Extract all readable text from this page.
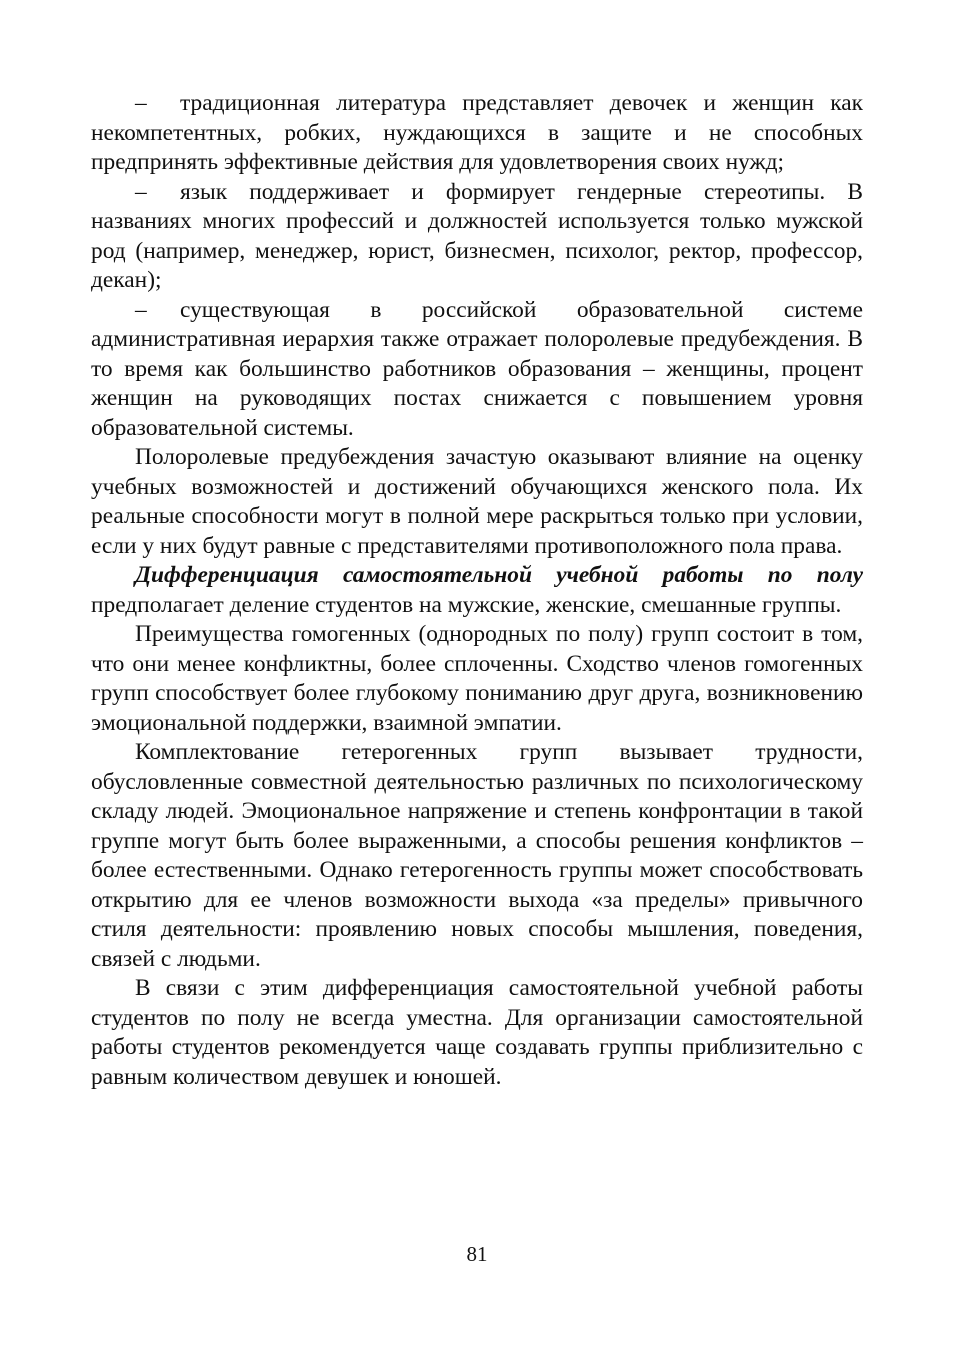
– традиционная литература представляет девочек и женщин как некомпетентных, робких, нуждающихся в защите и не способных предпринять эффективные действия для удовлетворения своих нужд;

– язык поддерживает и формирует гендерные стереотипы. В названиях многих профессий и должностей используется только мужской род (например, менеджер, юрист, бизнесмен, психолог, ректор, профессор, декан);

– существующая в российской образовательной системе административная иерархия также отражает полоролевые предубеждения. В то время как большинство работников образования – женщины, процент женщин на руководящих постах снижается с повышением уровня образовательной системы.

Полоролевые предубеждения зачастую оказывают влияние на оценку учебных возможностей и достижений обучающихся женского пола. Их реальные способности могут в полной мере раскрыться только при условии, если у них будут равные с представителями противоположного пола права.

Дифференциация самостоятельной учебной работы по полу предполагает деление студентов на мужские, женские, смешанные группы.

Преимущества гомогенных (однородных по полу) групп состоит в том, что они менее конфликтны, более сплоченны. Сходство членов гомогенных групп способствует более глубокому пониманию друг друга, возникновению эмоциональной поддержки, взаимной эмпатии.

Комплектование гетерогенных групп вызывает трудности, обусловленные совместной деятельностью различных по психологическому складу людей. Эмоциональное напряжение и степень конфронтации в такой группе могут быть более выраженными, а способы решения конфликтов – более естественными. Однако гетерогенность группы может способствовать открытию для ее членов возможности выхода «за пределы» привычного стиля деятельности: проявлению новых способы мышления, поведения, связей с людьми.

В связи с этим дифференциация самостоятельной учебной работы студентов по полу не всегда уместна. Для организации самостоятельной работы студентов рекомендуется чаще создавать группы приблизительно с равным количеством девушек и юношей.

81
